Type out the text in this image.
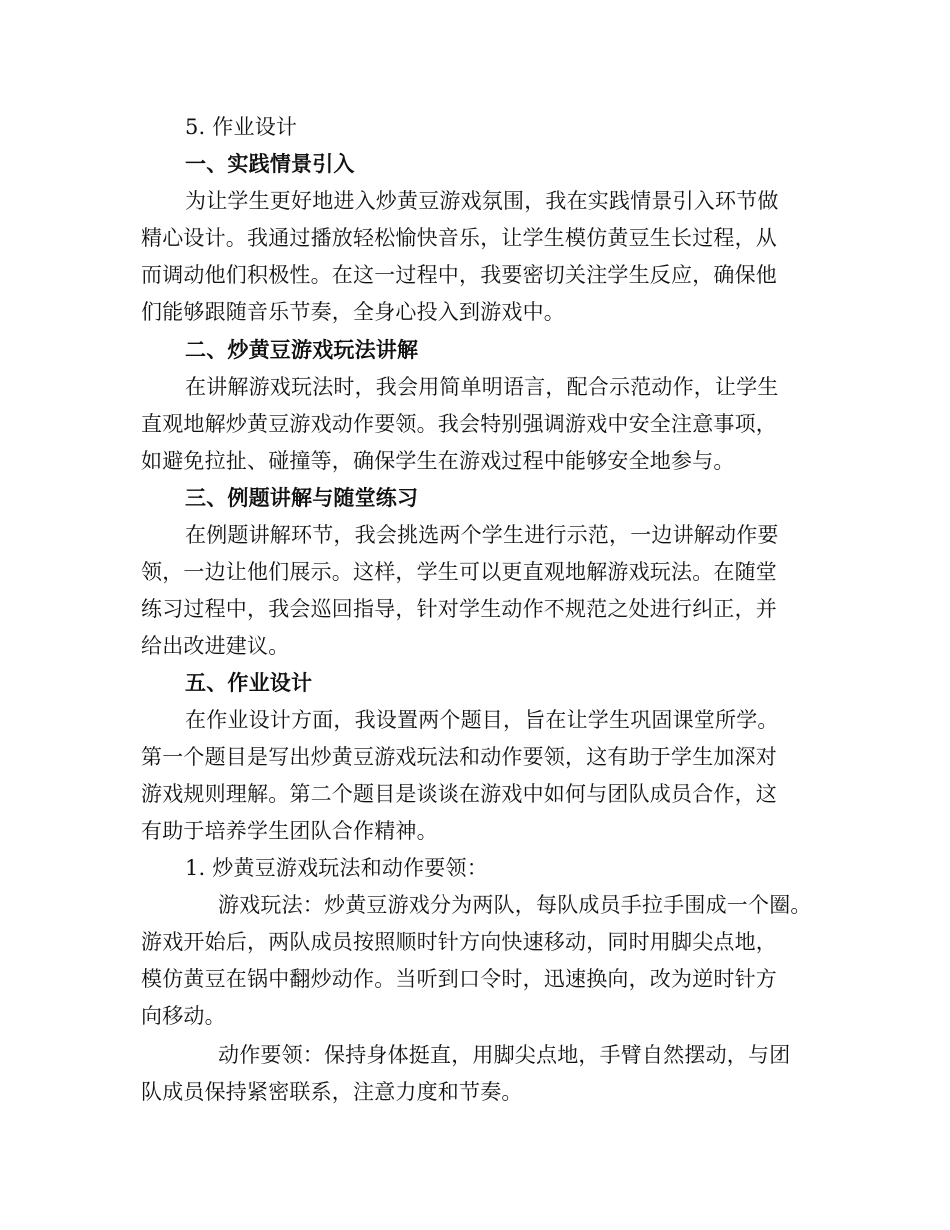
5. 作业设计
一、实践情景引入
为让学生更好地进入炒黄豆游戏氛围，我在实践情景引入环节做
精心设计。我通过播放轻松愉快音乐，让学生模仿黄豆生长过程，从
而调动他们积极性。在这一过程中，我要密切关注学生反应，确保他
们能够跟随音乐节奏，全身心投入到游戏中。
二、炒黄豆游戏玩法讲解
在讲解游戏玩法时，我会用简单明语言，配合示范动作，让学生
直观地解炒黄豆游戏动作要领。我会特别强调游戏中安全注意事项，
如避免拉扯、碰撞等，确保学生在游戏过程中能够安全地参与。
三、例题讲解与随堂练习
在例题讲解环节，我会挑选两个学生进行示范，一边讲解动作要
领，一边让他们展示。这样，学生可以更直观地解游戏玩法。在随堂
练习过程中，我会巡回指导，针对学生动作不规范之处进行纠正，并
给出改进建议。
五、作业设计
在作业设计方面，我设置两个题目，旨在让学生巩固课堂所学。
第一个题目是写出炒黄豆游戏玩法和动作要领，这有助于学生加深对
游戏规则理解。第二个题目是谈谈在游戏中如何与团队成员合作，这
有助于培养学生团队合作精神。
1. 炒黄豆游戏玩法和动作要领：
游戏玩法：炒黄豆游戏分为两队，每队成员手拉手围成一个圈。
游戏开始后，两队成员按照顺时针方向快速移动，同时用脚尖点地，
模仿黄豆在锅中翻炒动作。当听到口令时，迅速换向，改为逆时针方
向移动。
动作要领：保持身体挺直，用脚尖点地，手臂自然摆动，与团
队成员保持紧密联系，注意力度和节奏。
